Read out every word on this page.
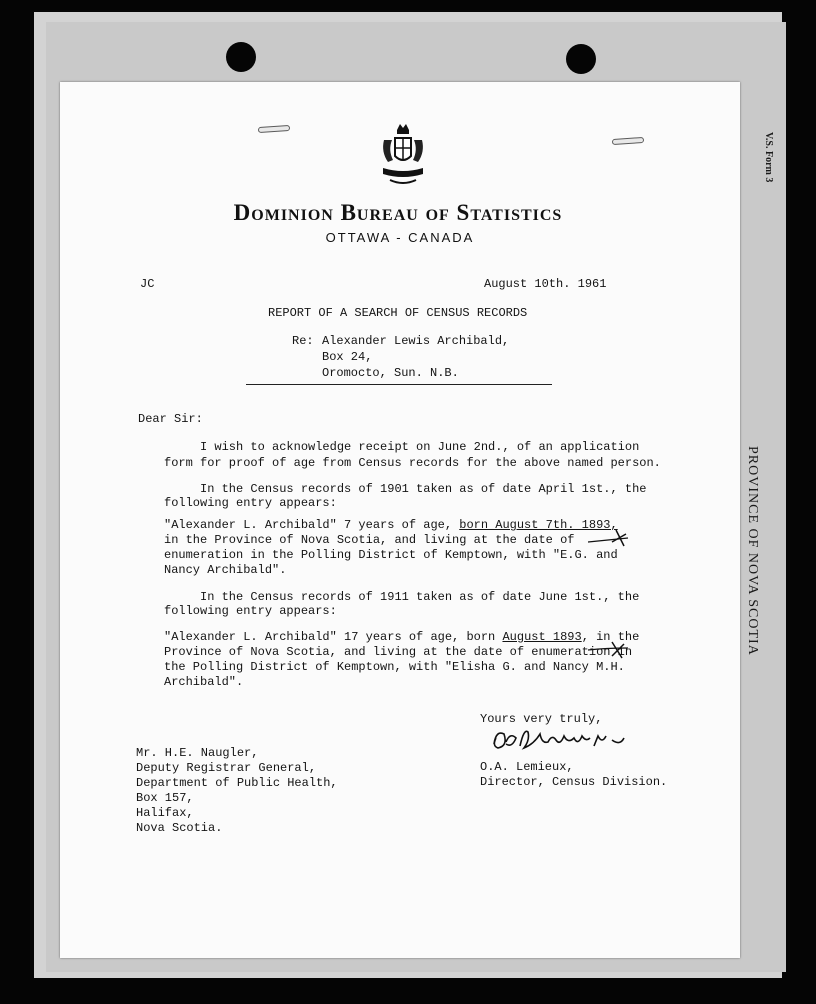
V.S. Form 3
PROVINCE OF NOVA SCOTIA
Dominion Bureau of Statistics
OTTAWA - CANADA
JC	August 10th. 1961
REPORT OF A SEARCH OF CENSUS RECORDS
Re: Alexander Lewis Archibald,
Box 24,
Oromocto, Sun. N.B.
Dear Sir:
I wish to acknowledge receipt on June 2nd., of an application
form for proof of age from Census records for the above named person.
In the Census records of 1901 taken as of date April 1st., the
following entry appears:
"Alexander L. Archibald" 7 years of age, born August 7th. 1893,
in the Province of Nova Scotia, and living at the date of
enumeration in the Polling District of Kemptown, with "E.G. and
Nancy Archibald".
In the Census records of 1911 taken as of date June 1st., the
following entry appears:
"Alexander L. Archibald" 17 years of age, born August 1893, in the
Province of Nova Scotia, and living at the date of enumeration in
the Polling District of Kemptown, with "Elisha G. and Nancy M.H.
Archibald".
Yours very truly,
O.A. Lemieux,
Director, Census Division.
Mr. H.E. Naugler,
Deputy Registrar General,
Department of Public Health,
Box 157,
Halifax,
Nova Scotia.
